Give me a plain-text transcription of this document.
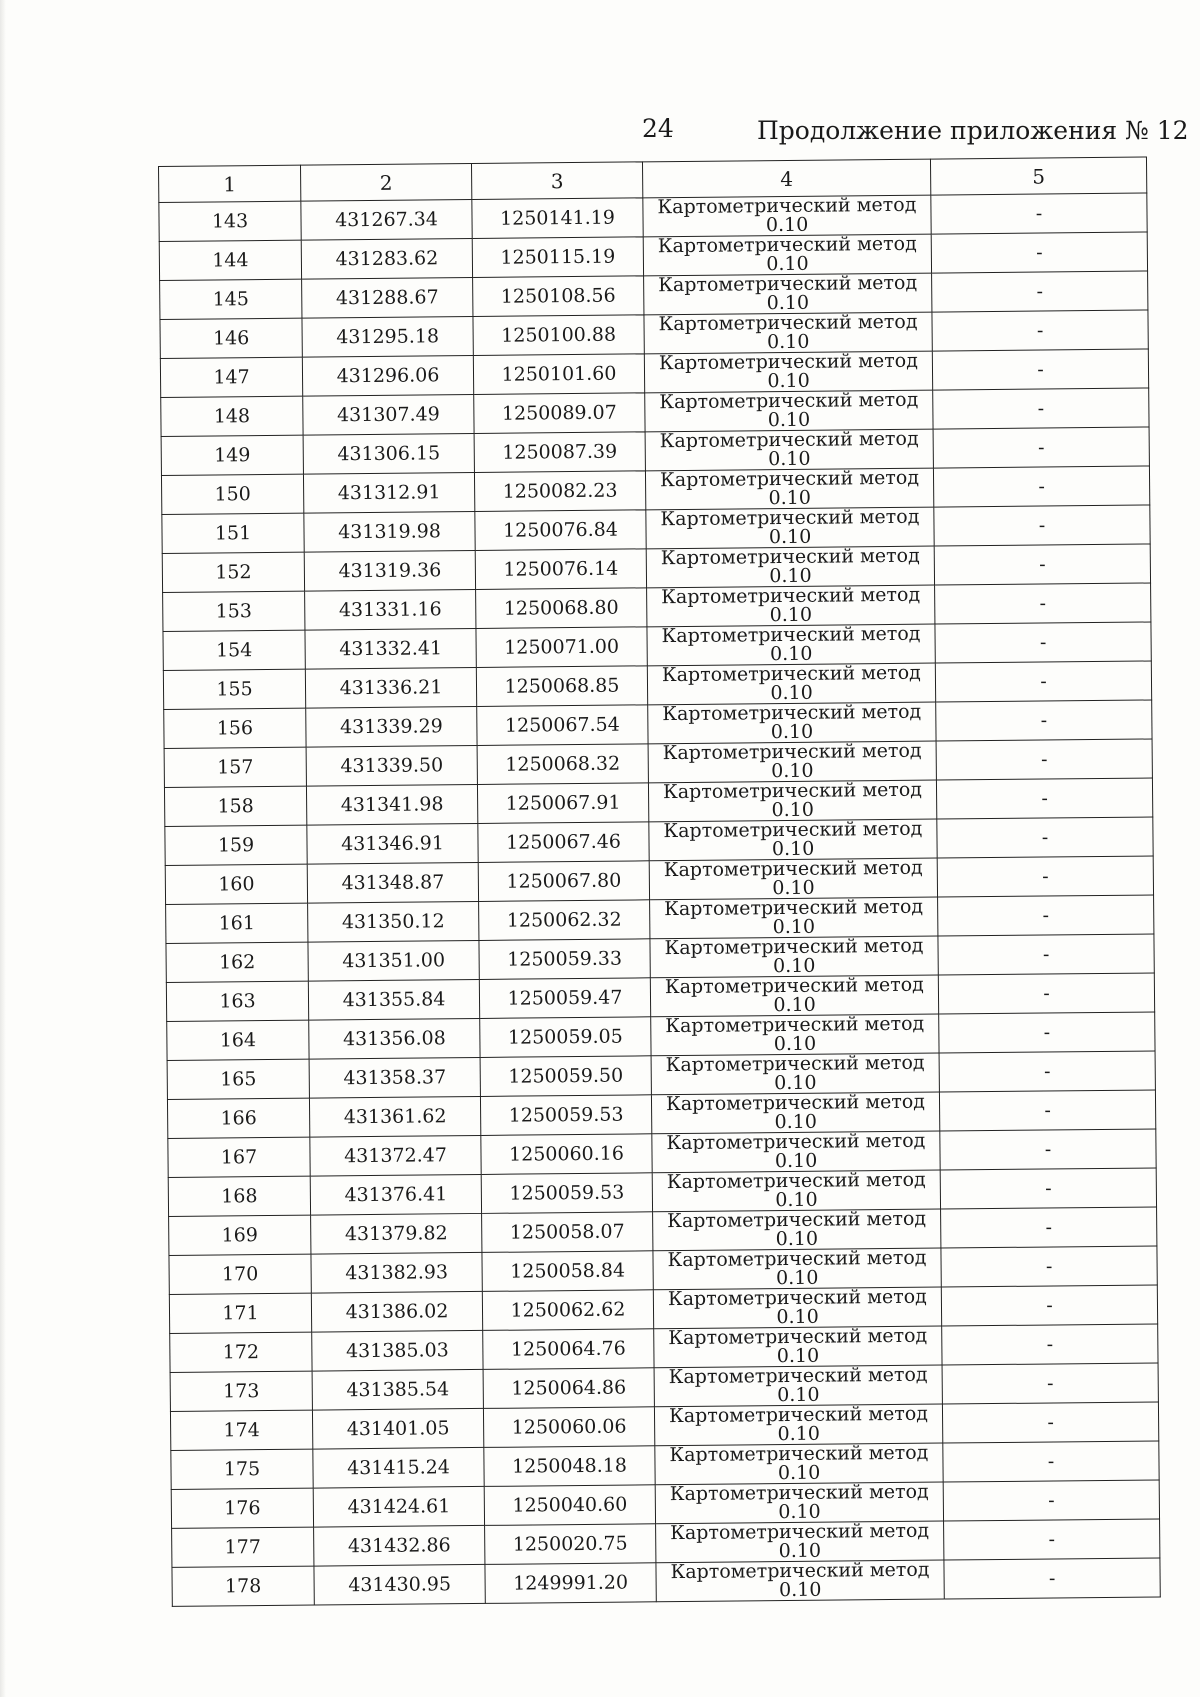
24	Продолжение приложения № 12
1	2	3	4	5
143	431267.34	1250141.19	Картометрический метод 0.10	-
144	431283.62	1250115.19	Картометрический метод 0.10	-
145	431288.67	1250108.56	Картометрический метод 0.10	-
146	431295.18	1250100.88	Картометрический метод 0.10	-
147	431296.06	1250101.60	Картометрический метод 0.10	-
148	431307.49	1250089.07	Картометрический метод 0.10	-
149	431306.15	1250087.39	Картометрический метод 0.10	-
150	431312.91	1250082.23	Картометрический метод 0.10	-
151	431319.98	1250076.84	Картометрический метод 0.10	-
152	431319.36	1250076.14	Картометрический метод 0.10	-
153	431331.16	1250068.80	Картометрический метод 0.10	-
154	431332.41	1250071.00	Картометрический метод 0.10	-
155	431336.21	1250068.85	Картометрический метод 0.10	-
156	431339.29	1250067.54	Картометрический метод 0.10	-
157	431339.50	1250068.32	Картометрический метод 0.10	-
158	431341.98	1250067.91	Картометрический метод 0.10	-
159	431346.91	1250067.46	Картометрический метод 0.10	-
160	431348.87	1250067.80	Картометрический метод 0.10	-
161	431350.12	1250062.32	Картометрический метод 0.10	-
162	431351.00	1250059.33	Картометрический метод 0.10	-
163	431355.84	1250059.47	Картометрический метод 0.10	-
164	431356.08	1250059.05	Картометрический метод 0.10	-
165	431358.37	1250059.50	Картометрический метод 0.10	-
166	431361.62	1250059.53	Картометрический метод 0.10	-
167	431372.47	1250060.16	Картометрический метод 0.10	-
168	431376.41	1250059.53	Картометрический метод 0.10	-
169	431379.82	1250058.07	Картометрический метод 0.10	-
170	431382.93	1250058.84	Картометрический метод 0.10	-
171	431386.02	1250062.62	Картометрический метод 0.10	-
172	431385.03	1250064.76	Картометрический метод 0.10	-
173	431385.54	1250064.86	Картометрический метод 0.10	-
174	431401.05	1250060.06	Картометрический метод 0.10	-
175	431415.24	1250048.18	Картометрический метод 0.10	-
176	431424.61	1250040.60	Картометрический метод 0.10	-
177	431432.86	1250020.75	Картометрический метод 0.10	-
178	431430.95	1249991.20	Картометрический метод 0.10	-
